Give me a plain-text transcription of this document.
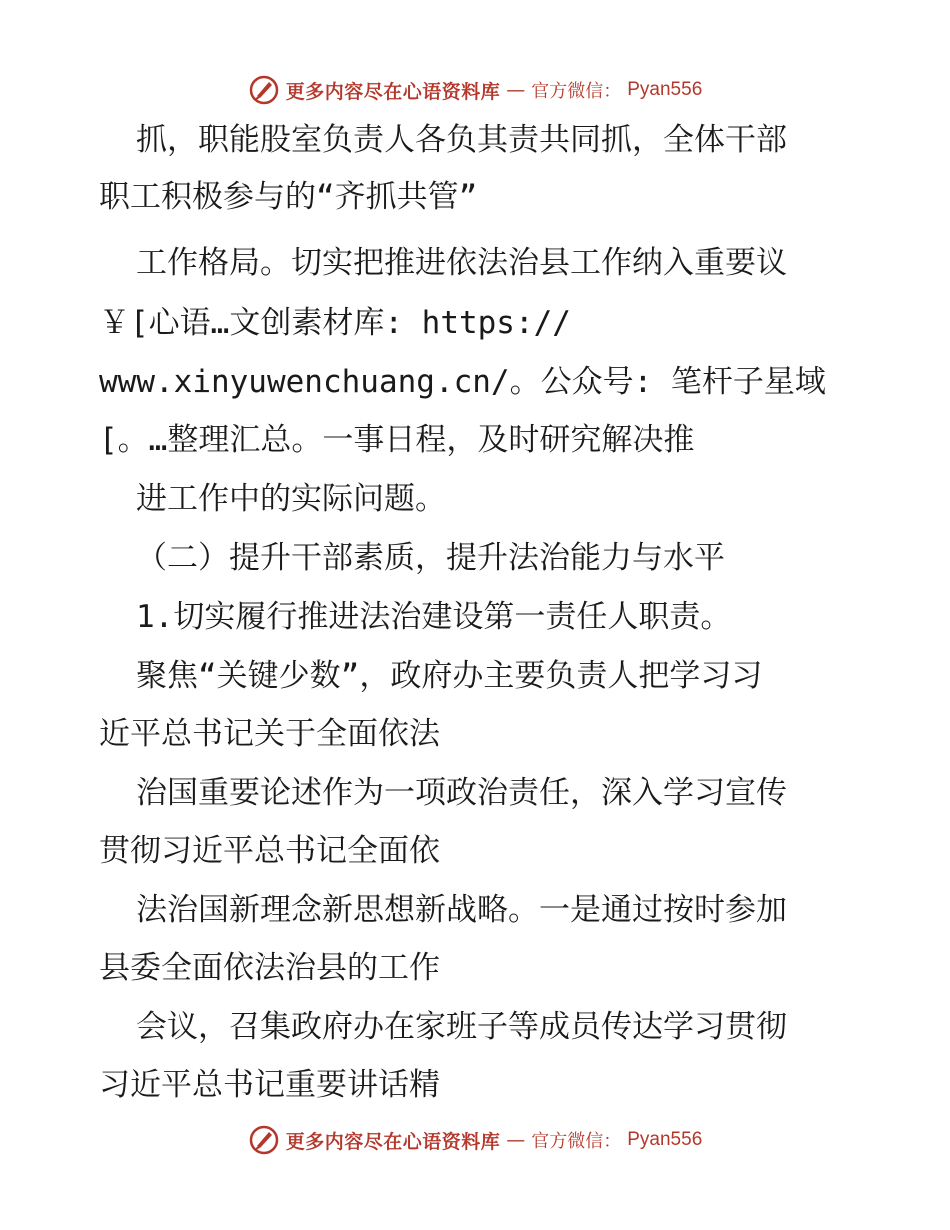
更多内容尽在心语资料库 — 官方微信： Pyan556
抓，职能股室负责人各负其责共同抓，全体干部
职工积极参与的“齐抓共管”
工作格局。切实把推进依法治县工作纳入重要议
￥[心语…文创素材库: https://
www.xinyuwenchuang.cn/。公众号: 笔杆子星域
[。…整理汇总。一事日程，及时研究解决推
进工作中的实际问题。
（二）提升干部素质，提升法治能力与水平
1.切实履行推进法治建设第一责任人职责。
聚焦“关键少数”，政府办主要负责人把学习习
近平总书记关于全面依法
治国重要论述作为一项政治责任，深入学习宣传
贯彻习近平总书记全面依
法治国新理念新思想新战略。一是通过按时参加
县委全面依法治县的工作
会议，召集政府办在家班子等成员传达学习贯彻
习近平总书记重要讲话精
更多内容尽在心语资料库 — 官方微信： Pyan556
